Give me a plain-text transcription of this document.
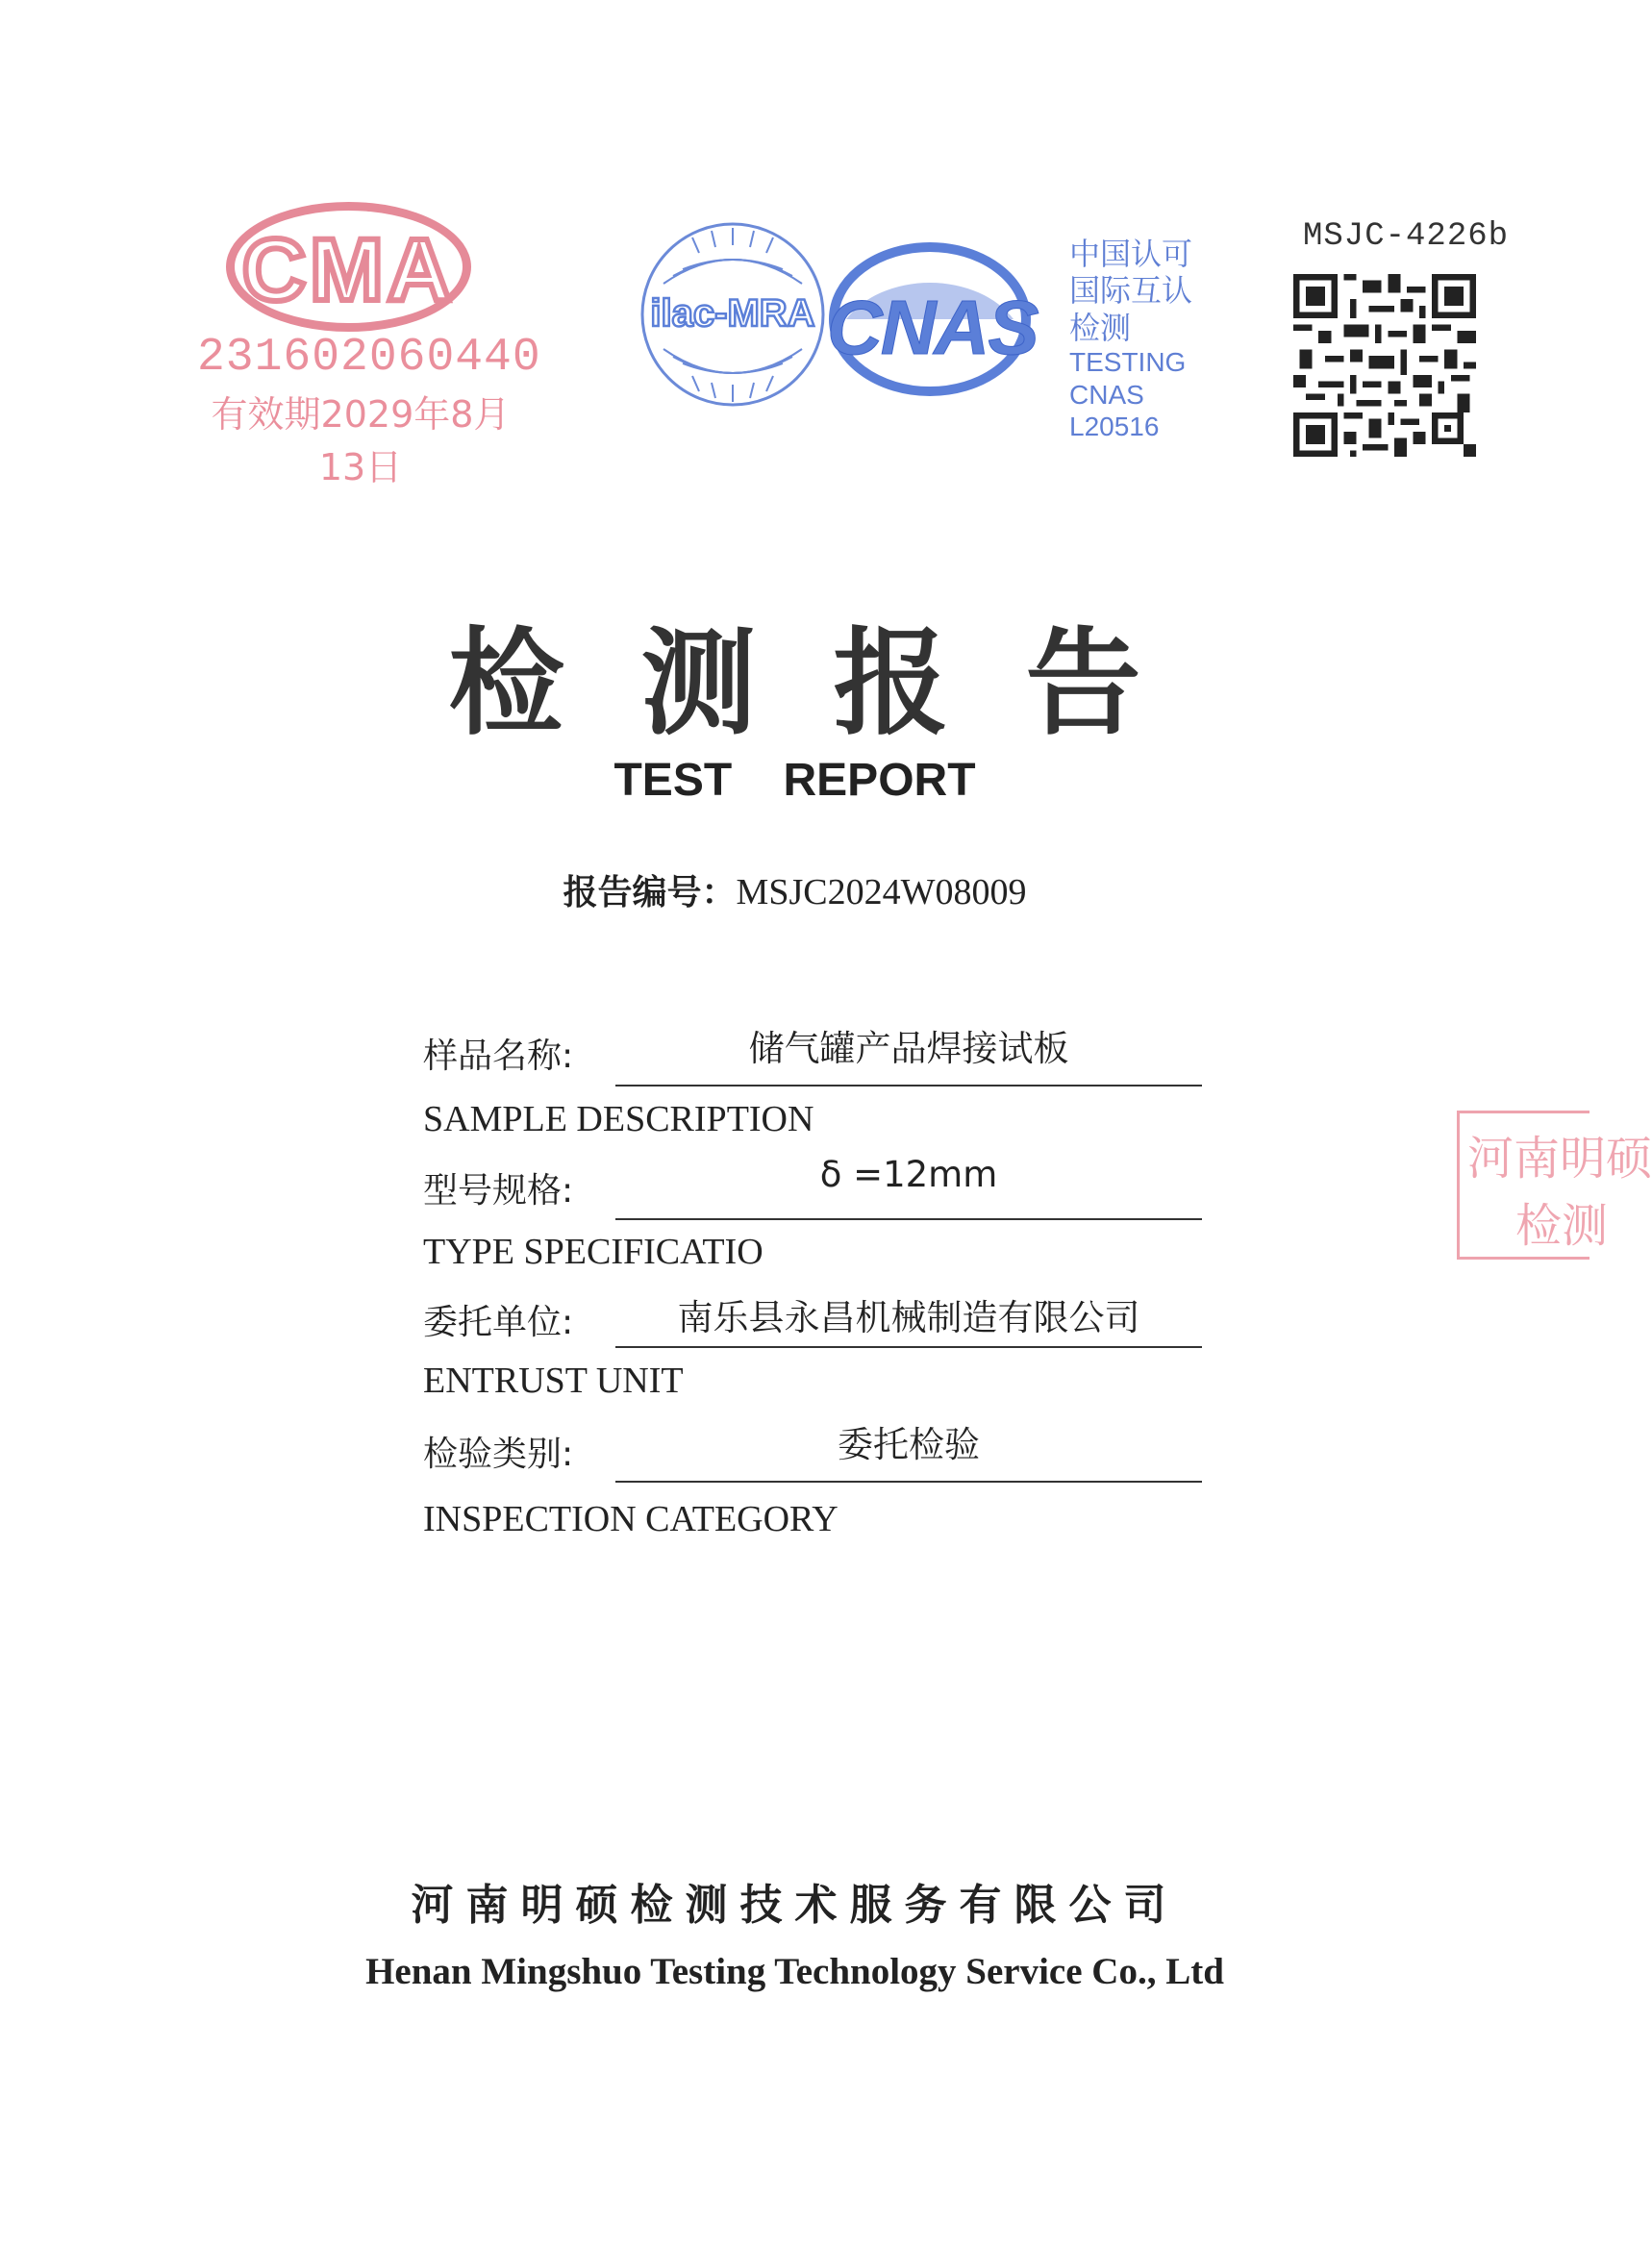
CMA
231602060440
有效期2029年8月13日
ilac-MRA CNAS
中国认可
国际互认
检测
TESTING
CNAS L20516
MSJC-4226b
河南明硕
检测
检测报告
TEST REPORT
报告编号：MSJC2024W08009
样品名称:	储气罐产品焊接试板
SAMPLE DESCRIPTION
型号规格:	δ =12mm
TYPE SPECIFICATIO
委托单位:	南乐县永昌机械制造有限公司
ENTRUST UNIT
检验类别:	委托检验
INSPECTION CATEGORY
河南明硕检测技术服务有限公司
Henan Mingshuo Testing Technology Service Co., Ltd
